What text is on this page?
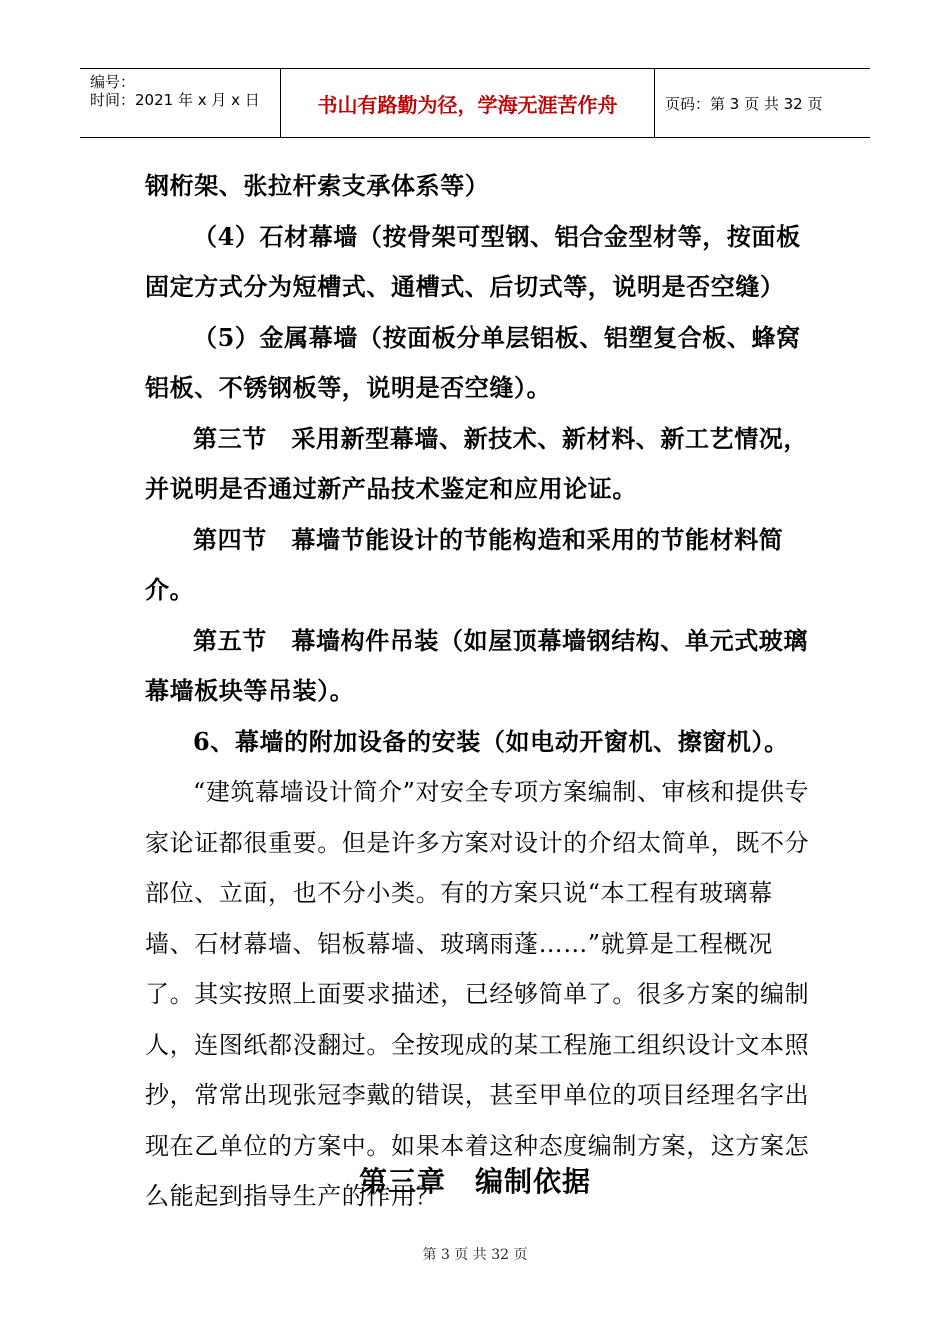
编号：
时间：2021 年 x 月 x 日	书山有路勤为径，学海无涯苦作舟	页码：第 3 页 共 32 页

钢桁架、张拉杆索支承体系等）

（4）石材幕墙（按骨架可型钢、铝合金型材等，按面板固定方式分为短槽式、通槽式、后切式等，说明是否空缝）

（5）金属幕墙（按面板分单层铝板、铝塑复合板、蜂窝铝板、不锈钢板等，说明是否空缝）。

第三节　采用新型幕墙、新技术、新材料、新工艺情况，并说明是否通过新产品技术鉴定和应用论证。

第四节　幕墙节能设计的节能构造和采用的节能材料简介。

第五节　幕墙构件吊装（如屋顶幕墙钢结构、单元式玻璃幕墙板块等吊装）。

6、幕墙的附加设备的安装（如电动开窗机、擦窗机）。

“建筑幕墙设计简介”对安全专项方案编制、审核和提供专家论证都很重要。但是许多方案对设计的介绍太简单，既不分部位、立面，也不分小类。有的方案只说“本工程有玻璃幕墙、石材幕墙、铝板幕墙、玻璃雨蓬……”就算是工程概况了。其实按照上面要求描述，已经够简单了。很多方案的编制人，连图纸都没翻过。全按现成的某工程施工组织设计文本照抄，常常出现张冠李戴的错误，甚至甲单位的项目经理名字出现在乙单位的方案中。如果本着这种态度编制方案，这方案怎么能起到指导生产的作用？

第三章　编制依据
第 3 页 共 32 页
